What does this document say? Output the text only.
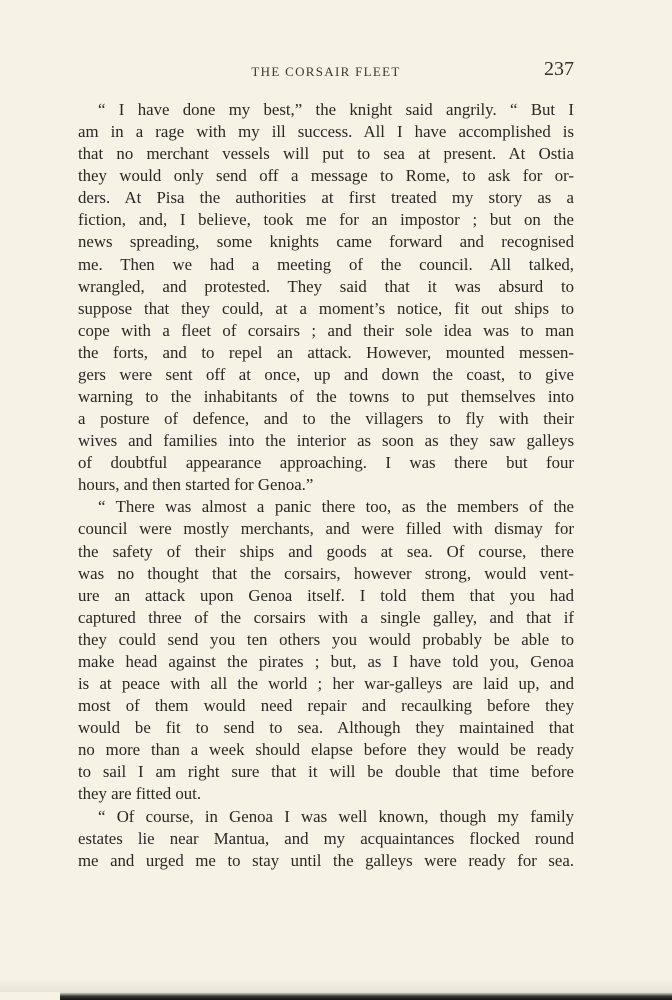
THE CORSAIR FLEET	237
“ I have done my best,” the knight said angrily. “ But I
am in a rage with my ill success. All I have accomplished is
that no merchant vessels will put to sea at present. At Ostia
they would only send off a message to Rome, to ask for or-
ders. At Pisa the authorities at first treated my story as a
fiction, and, I believe, took me for an impostor ; but on the
news spreading, some knights came forward and recognised
me. Then we had a meeting of the council. All talked,
wrangled, and protested. They said that it was absurd to
suppose that they could, at a moment’s notice, fit out ships to
cope with a fleet of corsairs ; and their sole idea was to man
the forts, and to repel an attack. However, mounted messen-
gers were sent off at once, up and down the coast, to give
warning to the inhabitants of the towns to put themselves into
a posture of defence, and to the villagers to fly with their
wives and families into the interior as soon as they saw galleys
of doubtful appearance approaching. I was there but four
hours, and then started for Genoa.”
“ There was almost a panic there too, as the members of the
council were mostly merchants, and were filled with dismay for
the safety of their ships and goods at sea. Of course, there
was no thought that the corsairs, however strong, would vent-
ure an attack upon Genoa itself. I told them that you had
captured three of the corsairs with a single galley, and that if
they could send you ten others you would probably be able to
make head against the pirates ; but, as I have told you, Genoa
is at peace with all the world ; her war-galleys are laid up, and
most of them would need repair and recaulking before they
would be fit to send to sea. Although they maintained that
no more than a week should elapse before they would be ready
to sail I am right sure that it will be double that time before
they are fitted out.
“ Of course, in Genoa I was well known, though my family
estates lie near Mantua, and my acquaintances flocked round
me and urged me to stay until the galleys were ready for sea.
